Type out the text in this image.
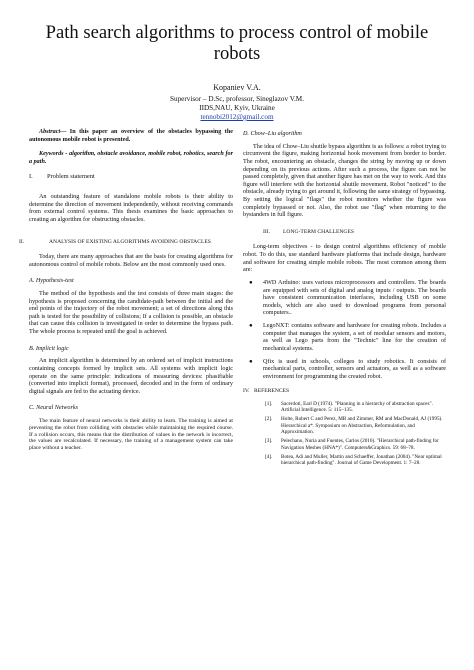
Path search algorithms to process control of mobile robots
Kopaniev V.A.
Supervisor – D.Sc, professor, Sineglazov V.M.
IIDS,NAU, Kyiv, Ukraine
tennobi2012@gmail.com

Abstract— In this paper an overview of the obstacles bypassing the autonomous mobile robot is presented.

Keywords - algorithm, obstacle avoidance, mobile robot, robotics, search for a path.

I. Problem statement

An outstanding feature of standalone mobile robots is their ability to determine the direction of movement independently, without receiving commands from external control systems. This thesis examines the basic approaches to creating an algorithm for obstructing obstacles.

II.	ANALYSIS OF EXISTING ALGORITHMS AVOIDING OBSTACLES

Today, there are many approaches that are the basis for creating algorithms for autonomous control of mobile robots. Below are the most commonly used ones.

A. Hypothesis-test

The method of the hypothesis and the test consists of three main stages: the hypothesis is proposed concerning the candidate-path between the initial and the end points of the trajectory of the robot movement; a set of directions along this path is tested for the possibility of collisions; If a collision is possible, an obstacle that can cause this collision is investigated in order to determine the bypass path. The whole process is repeated until the goal is achieved.

B. Implicit logic

An implicit algorithm is determined by an ordered set of implicit instructions containing concepts formed by implicit sets. All systems with implicit logic operate on the same principle: indications of measuring devices: phasifiable (converted into implicit format), processed, decoded and in the form of ordinary digital signals are fed to the actuating device.

C. Neural Networks

The main feature of neural networks is their ability to learn. The training is aimed at preventing the robot from colliding with obstacles while maintaining the required course. If a collision occurs, this means that the distribution of values in the network is incorrect, the values are recalculated. If necessary, the training of a management system can take place without a teacher.

D. Chow–Liu algorithm

The idea of Chow–Liu shuttle bypass algorithm is as follows: a robot trying to circumvent the figure, making horizontal hook movement from border to border. The robot, encountering an obstacle, changes the string by moving up or down depending on its previous actions. After such a process, the figure can not be passed completely, given that another figure has met on the way to work. And this figure will interfere with the horizontal shuttle movement. Robot "noticed" to the obstacle, already trying to get around it, following the same strategy of bypassing. By setting the logical "flags" the robot monitors whether the figure was completely bypassed or not. Also, the robot use "flag" when returning to the bystanders in full figure.

III. LONG-TERM CHALLENGES

Long-term objectives - to design control algorithms efficiency of mobile robot. To do this, use standard hardware platforms that include design, hardware and software for creating simple mobile robots. The most common among them are:

● 4WD Arduino: uses various microprocessors and controllers. The boards are equipped with sets of digital and analog inputs / outputs. The boards have consistent communication interfaces, including USB on some models, which are also used to download programs from personal computers..

● LegoNXT: contains software and hardware for creating robots. Includes a computer that manages the system, a set of modular sensors and motors, as well as Lego parts from the "Technic" line for the creation of mechanical systems.

● Qfix is used in schools, colleges to study robotics. It consists of mechanical parts, controller, sensors and actuators, as well as a software environment for programming the created robot.

IV. REFERENCES

[1]. Sacerdoti, Earl D (1974). "Planning in a hierarchy of abstraction spaces". Artificial Intelligence. 5: 115–135.

[2]. Holte, Robert C and Perez, MB and Zimmer, RM and MacDonald, AJ (1995). Hierarchical a*. Symposium on Abstraction, Reformulation, and Approximation.

[3]. Pelechano, Nuria and Fuentes, Carlos (2016). "Hierarchical path-finding for Navigation Meshes (HNA*)". Computers&Graphics. 59: 68–78.

[4]. Botea, Adi and Muller, Martin and Schaeffer, Jonathan (2004). "Near optimal hierarchical path-finding". Journal of Game Development. 1: 7–28.
